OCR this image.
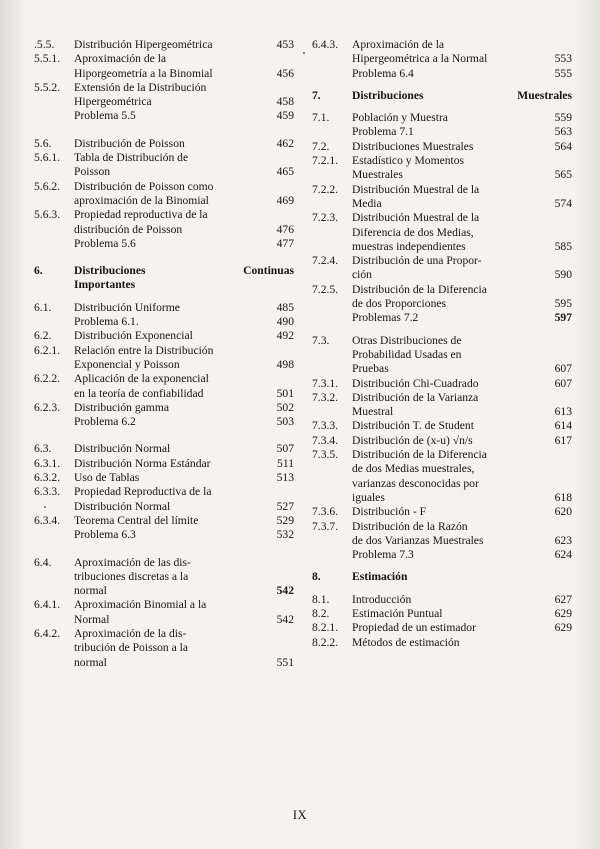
.5.5.	Distribución Hipergeométrica	453
5.5.1.	Aproximación de la
Hiporgeometría a la Binomial	456
5.5.2.	Extensión de la Distribución
Hipergeométrica	458
Problema 5.5	459
5.6.	Distribución de Poisson	462
5.6.1.	Tabla de Distribución de
Poisson	465
5.6.2.	Distribución de Poisson como
aproximación de la Binomial	469
5.6.3.	Propiedad reproductiva de la
distribución de Poisson	476
Problema 5.6	477
6.	Distribuciones	Continuas
Importantes
6.1.	Distribución Uniforme	485
Problema 6.1.	490
6.2.	Distribución Exponencial	492
6.2.1.	Relación entre la Distribución
Exponencial y Poisson	498
6.2.2.	Aplicación de la exponencial
en la teoría de confiabilidad	501
6.2.3.	Distribución gamma	502
Problema 6.2	503
6.3.	Distribución Normal	507
6.3.1.	Distribución Norma Estándar	511
6.3.2.	Uso de Tablas	513
6.3.3.	Propiedad Reproductiva de la
Distribución Normal	527
6.3.4.	Teorema Central del límite	529
Problema 6.3	532
6.4.	Aproximación de las dis-
tribuciones discretas a la
normal	542
6.4.1.	Aproximación Binomial a la
Normal	542
6.4.2.	Aproximación de la dis-
tribución de Poisson a la
normal	551
6.4.3.	Aproximación de la
Hipergeométrica a la Normal	553
Problema 6.4	555
7.	Distribuciones	Muestrales
7.1.	Población y Muestra	559
Problema 7.1	563
7.2.	Distribuciones Muestrales	564
7.2.1.	Estadístico y Momentos
Muestrales	565
7.2.2.	Distribución Muestral de la
Media	574
7.2.3.	Distribución Muestral de la
Diferencia de dos Medias,
muestras independientes	585
7.2.4.	Distribución de una Propor-
ción	590
7.2.5.	Distribución de la Diferencia
de dos Proporciones	595
Problemas 7.2	597
7.3.	Otras Distribuciones de
Probabilidad Usadas en
Pruebas	607
7.3.1.	Distribución Chi-Cuadrado	607
7.3.2.	Distribución de la Varianza
Muestral	613
7.3.3.	Distribución T. de Student	614
7.3.4.	Distribución de (x-u) √n/s	617
7.3.5.	Distribución de la Diferencia
de dos Medias muestrales,
varianzas desconocidas por
iguales	618
7.3.6.	Distribución - F	620
7.3.7.	Distribución de la Razón
de dos Varianzas Muestrales	623
Problema 7.3	624
8.	Estimación
8.1.	Introducción	627
8.2.	Estimación Puntual	629
8.2.1.	Propiedad de un estimador	629
8.2.2.	Métodos de estimación
IX
